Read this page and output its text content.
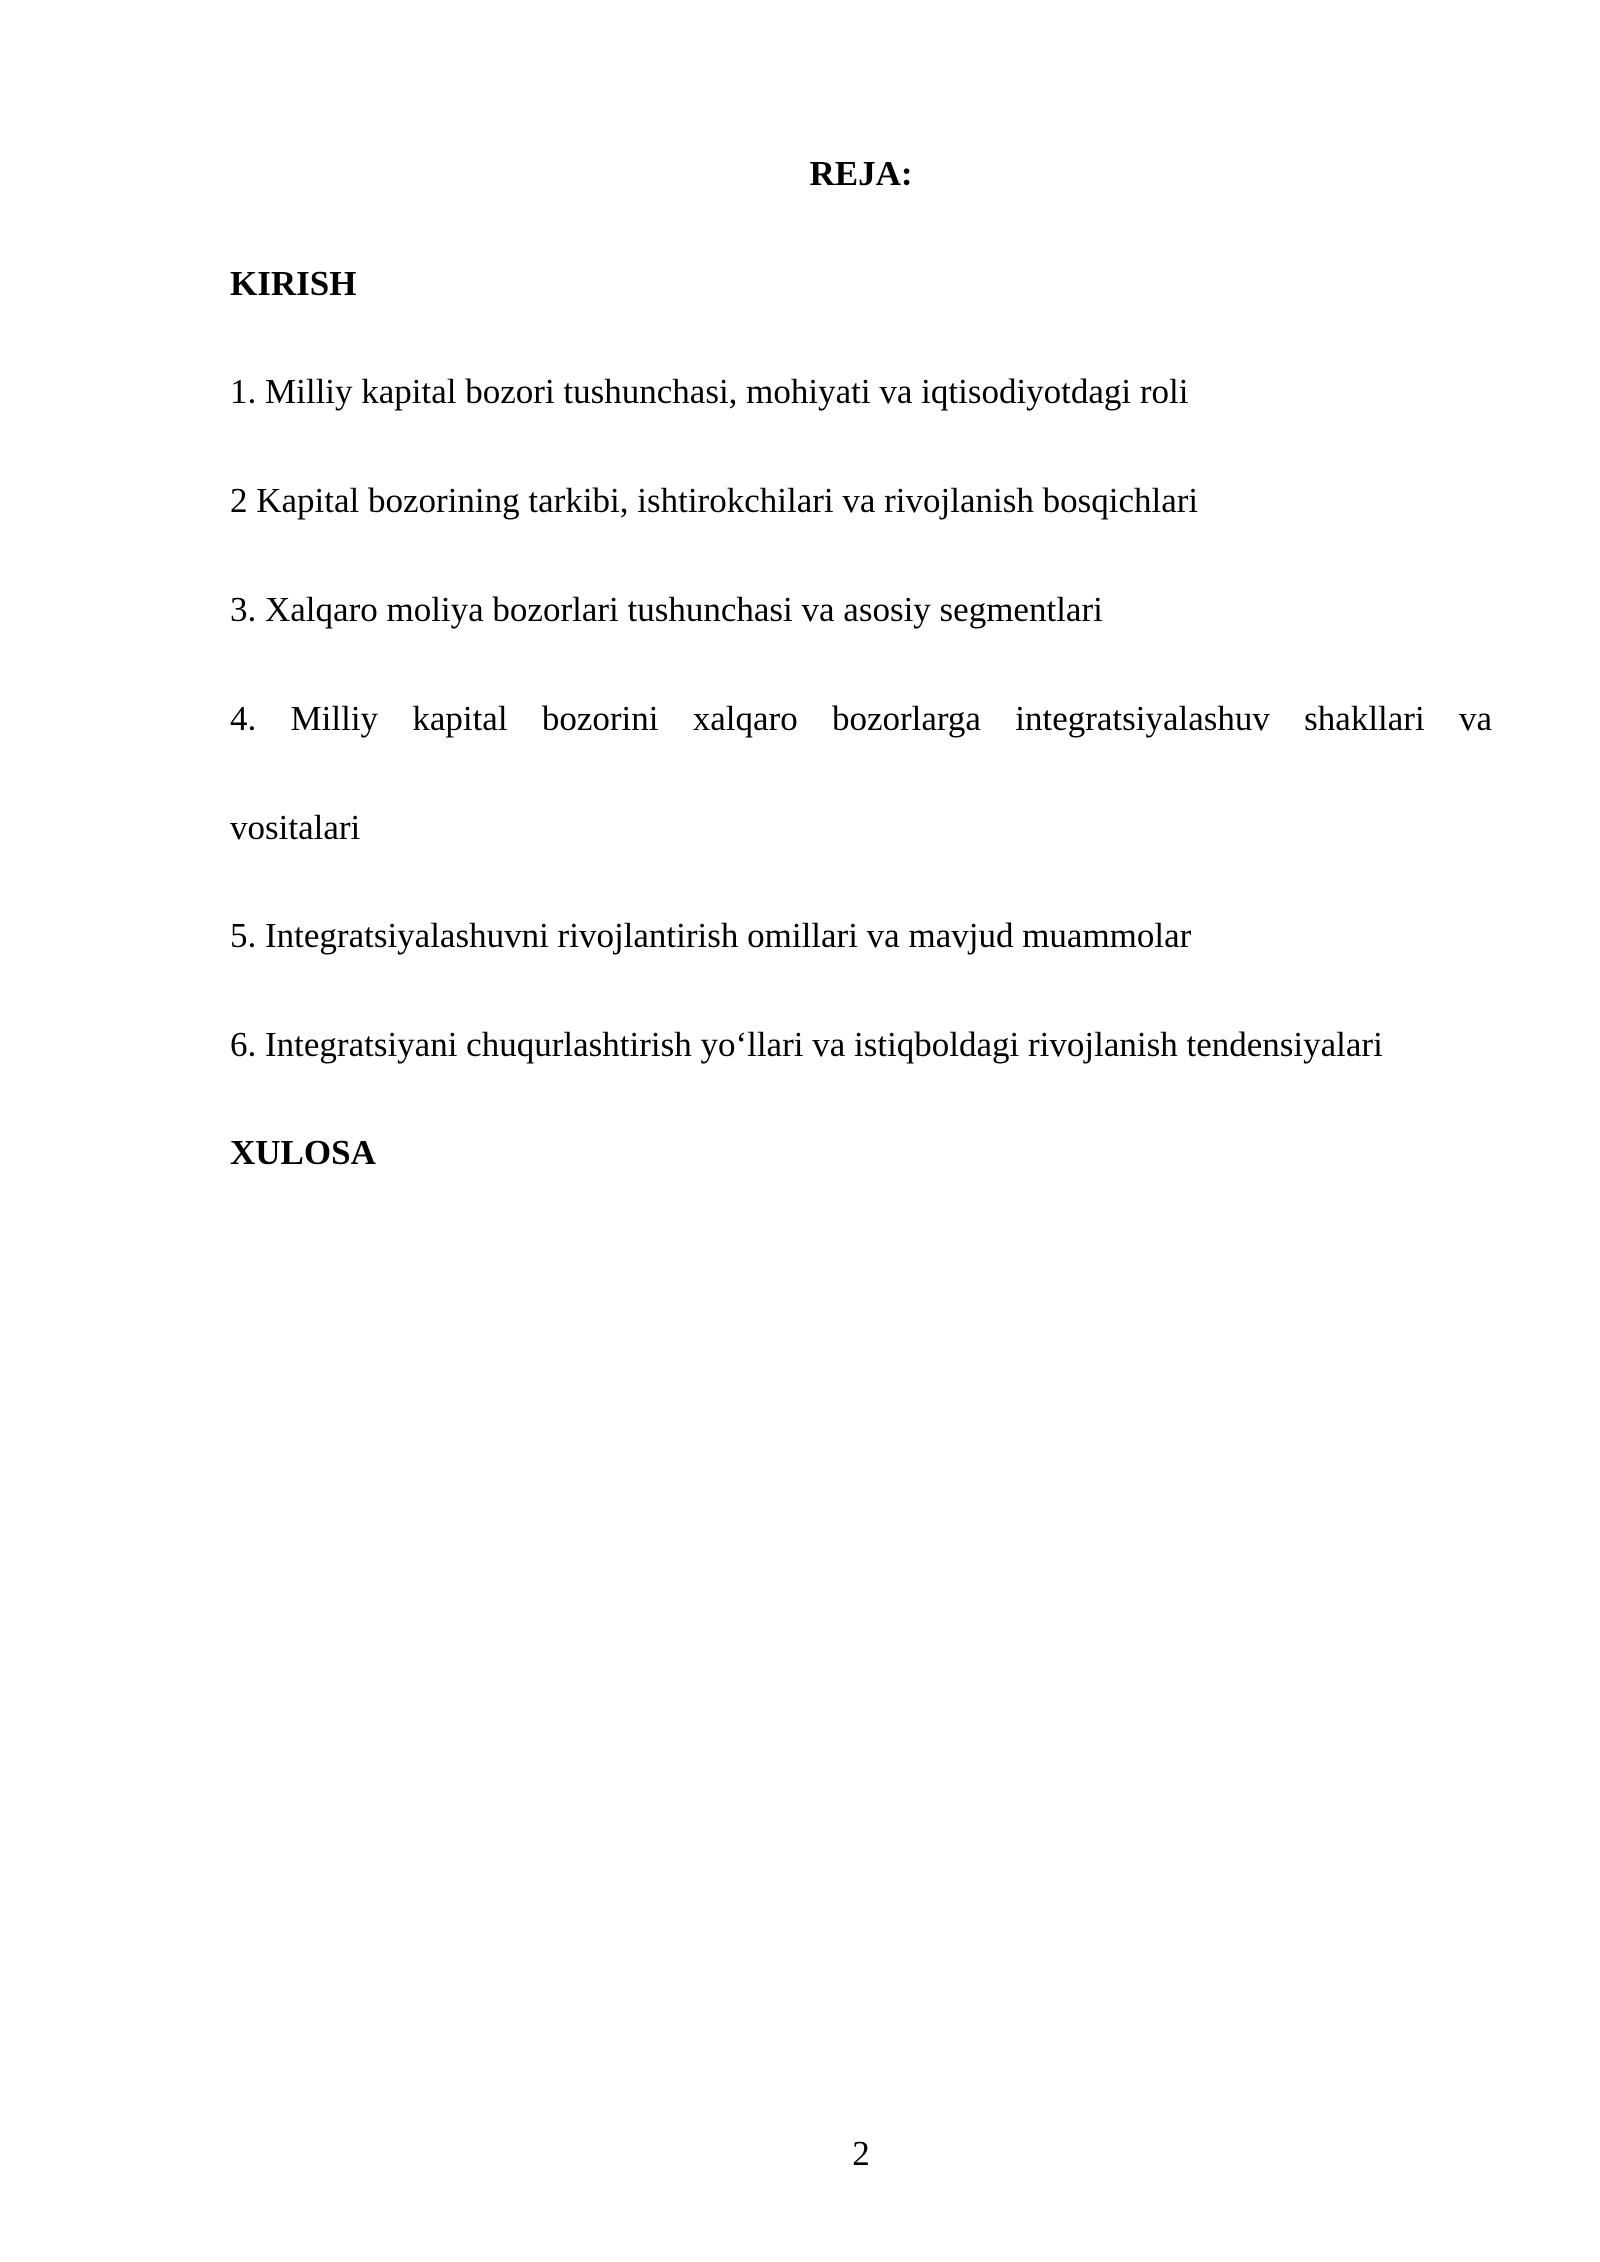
REJA:
KIRISH
1. Milliy kapital bozori tushunchasi, mohiyati va iqtisodiyotdagi roli
2 Kapital bozorining tarkibi, ishtirokchilari va rivojlanish bosqichlari
3. Xalqaro moliya bozorlari tushunchasi va asosiy segmentlari
4. Milliy kapital bozorini xalqaro bozorlarga integratsiyalashuv shakllari va
vositalari
5. Integratsiyalashuvni rivojlantirish omillari va mavjud muammolar
6. Integratsiyani chuqurlashtirish yo‘llari va istiqboldagi rivojlanish tendensiyalari
XULOSA
2
